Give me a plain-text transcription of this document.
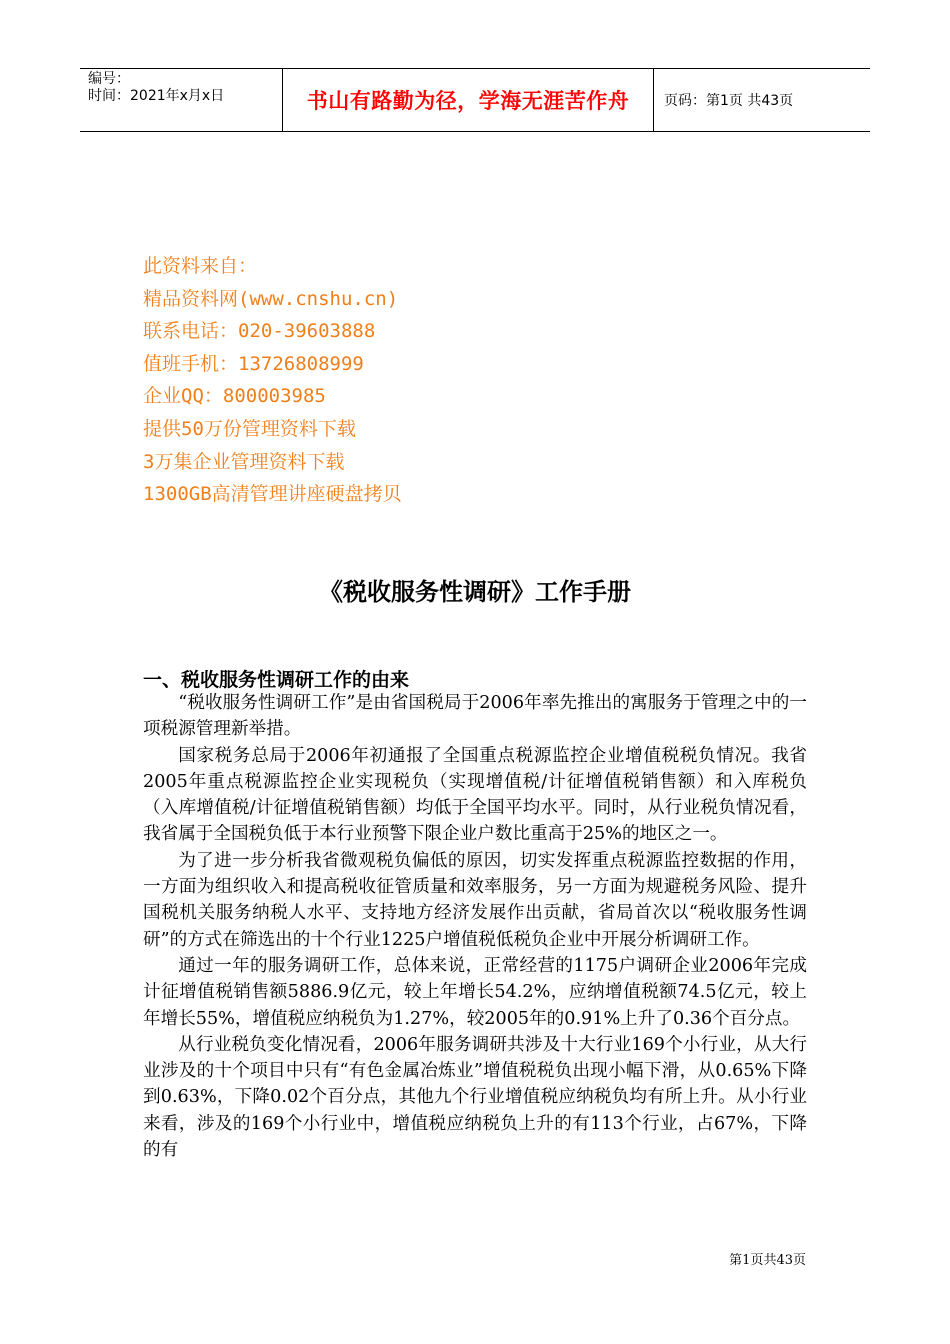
编号：
时间：2021年x月x日	书山有路勤为径，学海无涯苦作舟	页码：第1页 共43页
此资料来自：
精品资料网(www.cnshu.cn)
联系电话：020-39603888
值班手机：13726808999
企业QQ：800003985
提供50万份管理资料下载
3万集企业管理资料下载
1300GB高清管理讲座硬盘拷贝
《税收服务性调研》工作手册
一、税收服务性调研工作的由来

“税收服务性调研工作”是由省国税局于2006年率先推出的寓服务于管理之中的一项税源管理新举措。

国家税务总局于2006年初通报了全国重点税源监控企业增值税税负情况。我省2005年重点税源监控企业实现税负（实现增值税/计征增值税销售额）和入库税负（入库增值税/计征增值税销售额）均低于全国平均水平。同时，从行业税负情况看，我省属于全国税负低于本行业预警下限企业户数比重高于25%的地区之一。

为了进一步分析我省微观税负偏低的原因，切实发挥重点税源监控数据的作用，一方面为组织收入和提高税收征管质量和效率服务，另一方面为规避税务风险、提升国税机关服务纳税人水平、支持地方经济发展作出贡献，省局首次以“税收服务性调研”的方式在筛选出的十个行业1225户增值税低税负企业中开展分析调研工作。

通过一年的服务调研工作，总体来说，正常经营的1175户调研企业2006年完成计征增值税销售额5886.9亿元，较上年增长54.2%，应纳增值税额74.5亿元，较上年增长55%，增值税应纳税负为1.27%，较2005年的0.91%上升了0.36个百分点。

从行业税负变化情况看，2006年服务调研共涉及十大行业169个小行业，从大行业涉及的十个项目中只有“有色金属冶炼业”增值税税负出现小幅下滑，从0.65%下降到0.63%，下降0.02个百分点，其他九个行业增值税应纳税负均有所上升。从小行业来看，涉及的169个小行业中，增值税应纳税负上升的有113个行业，占67%，下降的有

第1页共43页
